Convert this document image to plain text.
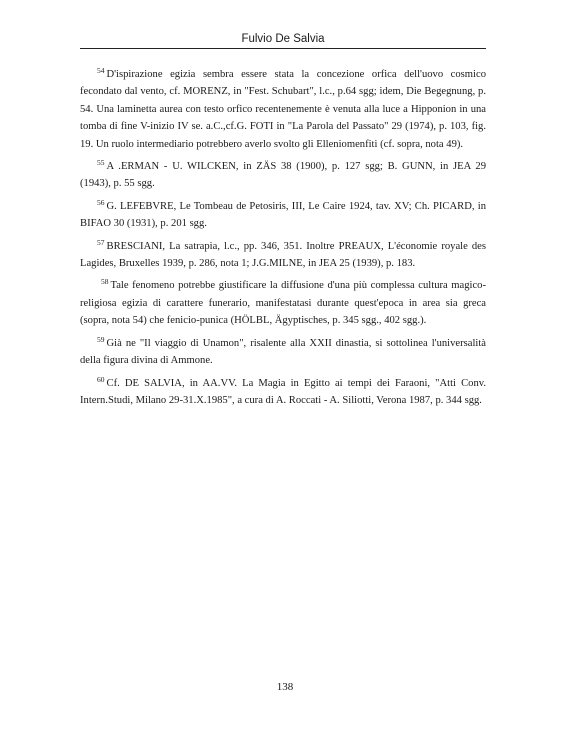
Fulvio De Salvia

$^{54}$ D'ispirazione egizia sembra essere stata la concezione orfica dell'uovo cosmico fecondato dal vento, cf. MORENZ, in "Fest. Schubart", l.c., p.64 sgg; idem, Die Begegnung, p. 54. Una laminetta aurea con testo orfico recentenemente è venuta alla luce a Hipponion in una tomba di fine V-inizio IV se. a.C.,cf.G. FOTI in "La Parola del Passato" 29 (1974), p. 103, fig. 19. Un ruolo intermediario potrebbero averlo svolto gli Elleniomenfiti (cf. sopra, nota 49).

$^{55}$ A .ERMAN - U. WILCKEN, in ZÄS 38 (1900), p. 127 sgg; B. GUNN, in JEA 29 (1943), p. 55 sgg.

$^{56}$ G. LEFEBVRE, Le Tombeau de Petosiris, III, Le Caire 1924, tav. XV; Ch. PICARD, in BIFAO 30 (1931), p. 201 sgg.

$^{57}$ BRESCIANI, La satrapia, l.c., pp. 346, 351. Inoltre PREAUX, L'économie royale des Lagides, Bruxelles 1939, p. 286, nota 1; J.G.MILNE, in JEA 25 (1939), p. 183.

$^{58}$ Tale fenomeno potrebbe giustificare la diffusione d'una più complessa cultura magico-religiosa egizia di carattere funerario, manifestatasi durante quest'epoca in area sia greca (sopra, nota 54) che fenicio-punica (HÖLBL, Ägyptisches, p. 345 sgg., 402 sgg.).

$^{59}$ Già ne "Il viaggio di Unamon", risalente alla XXII dinastia, si sottolinea l'universalità della figura divina di Ammone.

$^{60}$ Cf. DE SALVIA, in AA.VV. La Magia in Egitto ai tempi dei Faraoni, "Atti Conv. Intern.Studi, Milano 29-31.X.1985", a cura di A. Roccati - A. Siliotti, Verona 1987, p. 344 sgg.

138
